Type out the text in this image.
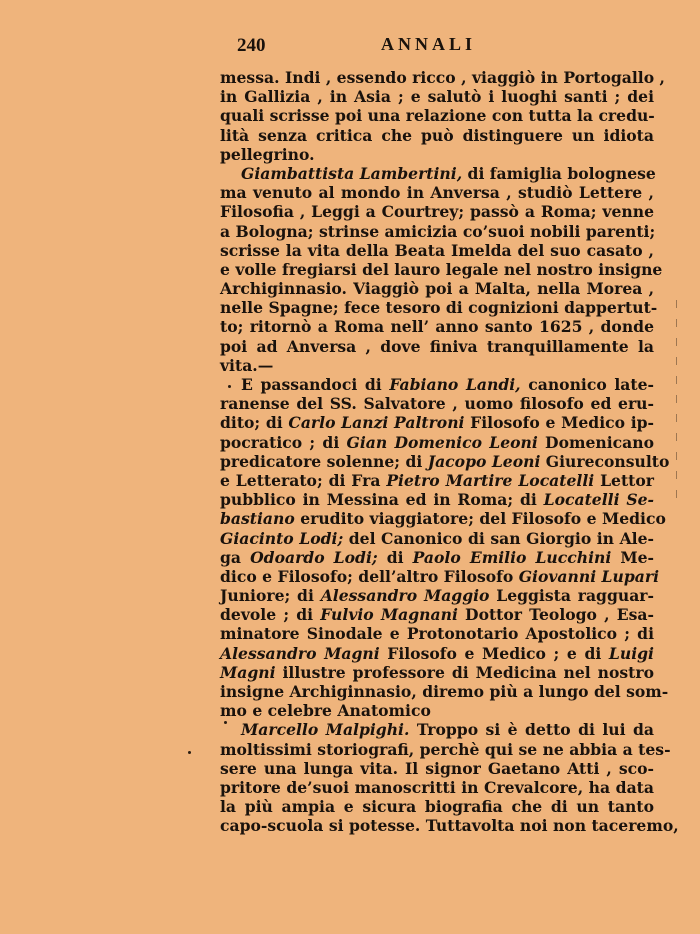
240	ANNALI
messa. Indi , essendo ricco , viaggiò in Portogallo ,
in Gallizia , in Asia ; e salutò i luoghi santi ; dei
quali scrisse poi una relazione con tutta la credu-
lità senza critica che può distinguere un idiota
pellegrino.
Giambattista Lambertini, di famiglia bolognese
ma venuto al mondo in Anversa , studiò Lettere ,
Filosofia , Leggi a Courtrey; passò a Roma; venne
a Bologna; strinse amicizia co’suoi nobili parenti;
scrisse la vita della Beata Imelda del suo casato ,
e volle fregiarsi del lauro legale nel nostro insigne
Archiginnasio. Viaggiò poi a Malta, nella Morea ,
nelle Spagne; fece tesoro di cognizioni dappertut-
to; ritornò a Roma nell’ anno santo 1625 , donde
poi ad Anversa , dove finiva tranquillamente la
vita.—
E passandoci di Fabiano Landi, canonico late-
ranense del SS. Salvatore , uomo filosofo ed eru-
dito; di Carlo Lanzi Paltroni Filosofo e Medico ip-
pocratico ; di Gian Domenico Leoni Domenicano
predicatore solenne; di Jacopo Leoni Giureconsulto
e Letterato; di Fra Pietro Martire Locatelli Lettor
pubblico in Messina ed in Roma; di Locatelli Se-
bastiano erudito viaggiatore; del Filosofo e Medico
Giacinto Lodi; del Canonico di san Giorgio in Ale-
ga Odoardo Lodi; di Paolo Emilio Lucchini Me-
dico e Filosofo; dell’altro Filosofo Giovanni Lupari
Juniore; di Alessandro Maggio Leggista ragguar-
devole ; di Fulvio Magnani Dottor Teologo , Esa-
minatore Sinodale e Protonotario Apostolico ; di
Alessandro Magni Filosofo e Medico ; e di Luigi
Magni illustre professore di Medicina nel nostro
insigne Archiginnasio, diremo più a lungo del som-
mo e celebre Anatomico
Marcello Malpighi. Troppo si è detto di lui da
moltissimi storiografi, perchè qui se ne abbia a tes-
sere una lunga vita. Il signor Gaetano Atti , sco-
pritore de’suoi manoscritti in Crevalcore, ha data
la più ampia e sicura biografia che di un tanto
capo-scuola si potesse. Tuttavolta noi non taceremo,
